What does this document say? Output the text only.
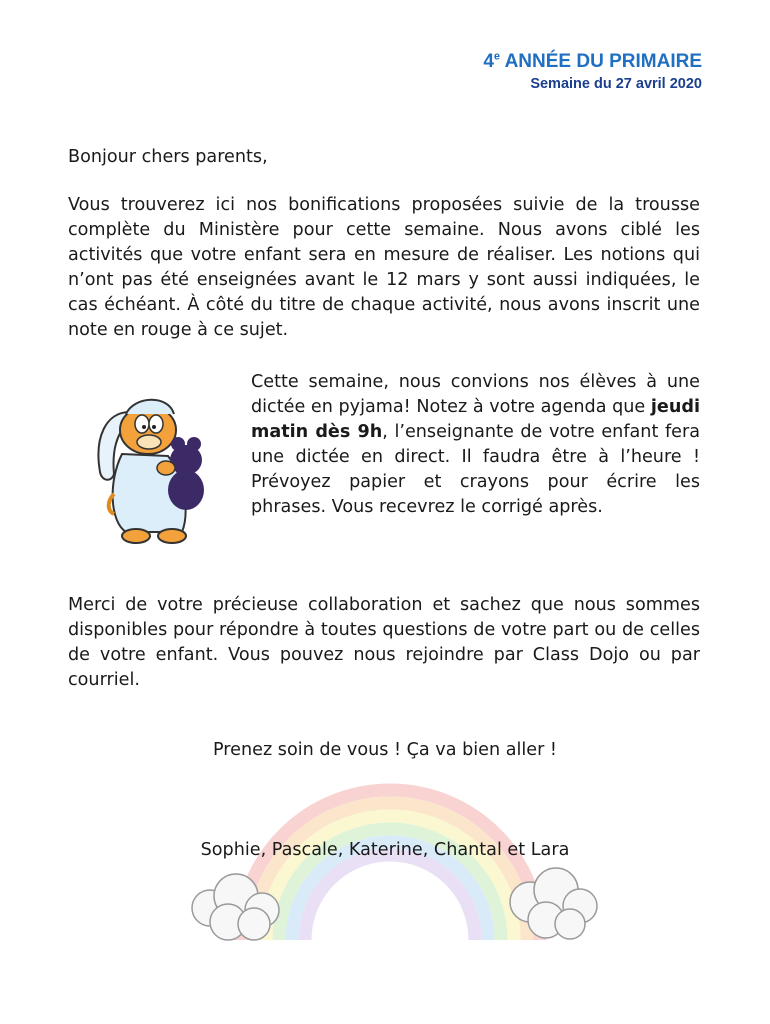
4e ANNÉE DU PRIMAIRE
Semaine du 27 avril 2020

Bonjour chers parents,

Vous trouverez ici nos bonifications proposées suivie de la trousse complète du Ministère pour cette semaine. Nous avons ciblé les activités que votre enfant sera en mesure de réaliser. Les notions qui n’ont pas été enseignées avant le 12 mars y sont aussi indiquées, le cas échéant. À côté du titre de chaque activité, nous avons inscrit une note en rouge à ce sujet.

Cette semaine, nous convions nos élèves à une dictée en pyjama! Notez à votre agenda que jeudi matin dès 9h, l’enseignante de votre enfant fera une dictée en direct. Il faudra être à l’heure ! Prévoyez papier et crayons pour écrire les phrases. Vous recevrez le corrigé après.

Merci de votre précieuse collaboration et sachez que nous sommes disponibles pour répondre à toutes questions de votre part ou de celles de votre enfant. Vous pouvez nous rejoindre par Class Dojo ou par courriel.

Prenez soin de vous ! Ça va bien aller !

Sophie, Pascale, Katerine, Chantal et Lara
